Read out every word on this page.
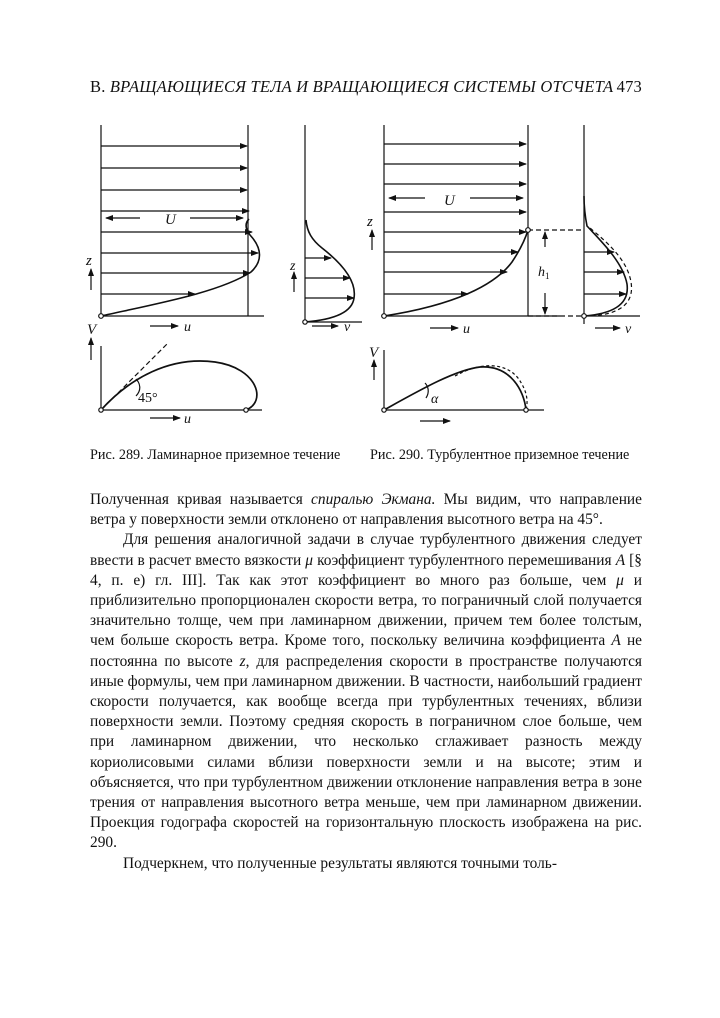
В. ВРАЩАЮЩИЕСЯ ТЕЛА И ВРАЩАЮЩИЕСЯ СИСТЕМЫ ОТСЧЕТА 473
U
z
u
z
v
V
45°
u
U
z
$h_1$
u	v
V
α
Рис. 289. Ламинарное приземное течение	Рис. 290. Турбулентное приземное течение

Полученная кривая называется спиралью Экмана. Мы видим, что направление ветра у поверхности земли отклонено от направления высотного ветра на 45°.

Для решения аналогичной задачи в случае турбулентного движения следует ввести в расчет вместо вязкости μ коэффициент турбулентного перемешивания A [§ 4, п. е) гл. III]. Так как этот коэффициент во много раз больше, чем μ и приблизительно пропорционален скорости ветра, то пограничный слой получается значительно толще, чем при ламинарном движении, причем тем более толстым, чем больше скорость ветра. Кроме того, поскольку величина коэффициента A не постоянна по высоте z, для распределения скорости в пространстве получаются иные формулы, чем при ламинарном движении. В частности, наибольший градиент скорости получается, как вообще всегда при турбулентных течениях, вблизи поверхности земли. Поэтому средняя скорость в пограничном слое больше, чем при ламинарном движении, что несколько сглаживает разность между кориолисовыми силами вблизи поверхности земли и на высоте; этим и объясняется, что при турбулентном движении отклонение направления ветра в зоне трения от направления высотного ветра меньше, чем при ламинарном движении. Проекция годографа скоростей на горизонтальную плоскость изображена на рис. 290.

Подчеркнем, что полученные результаты являются точными толь-
